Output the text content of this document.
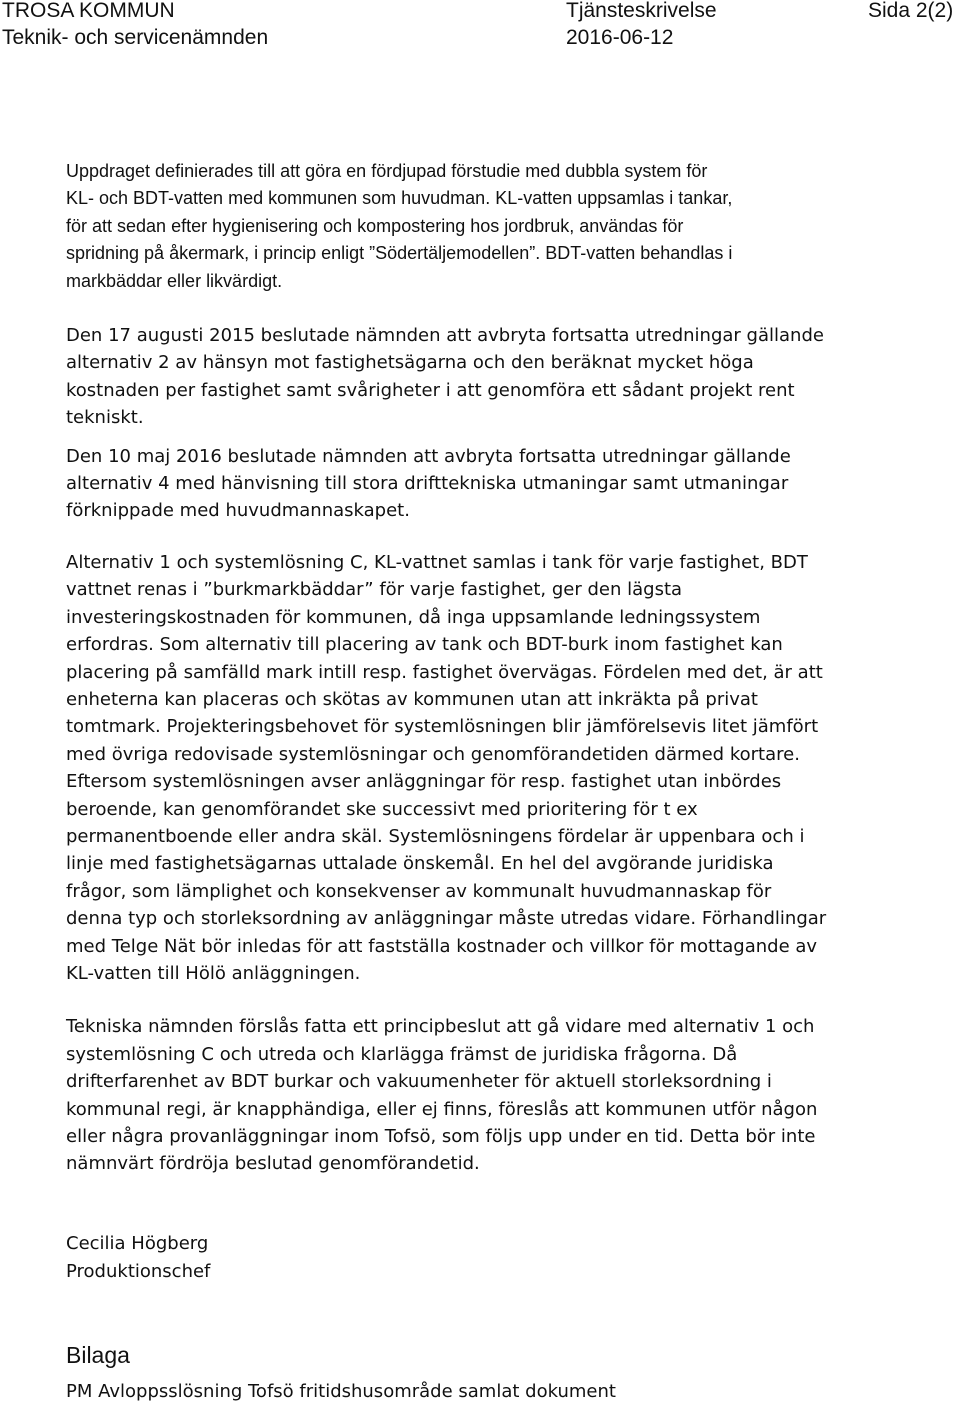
TROSA KOMMUN
Teknik- och servicenämnden
Tjänsteskrivelse
2016-06-12
Sida 2(2)

Uppdraget definierades till att göra en fördjupad förstudie med dubbla system för
KL- och BDT-vatten med kommunen som huvudman. KL-vatten uppsamlas i tankar,
för att sedan efter hygienisering och kompostering hos jordbruk, användas för
spridning på åkermark, i princip enligt ”Södertäljemodellen”. BDT-vatten behandlas i
markbäddar eller likvärdigt.

Den 17 augusti 2015 beslutade nämnden att avbryta fortsatta utredningar gällande
alternativ 2 av hänsyn mot fastighetsägarna och den beräknat mycket höga
kostnaden per fastighet samt svårigheter i att genomföra ett sådant projekt rent
tekniskt.

Den 10 maj 2016 beslutade nämnden att avbryta fortsatta utredningar gällande
alternativ 4 med hänvisning till stora drifttekniska utmaningar samt utmaningar
förknippade med huvudmannaskapet.

Alternativ 1 och systemlösning C, KL-vattnet samlas i tank för varje fastighet, BDT
vattnet renas i ”burkmarkbäddar” för varje fastighet, ger den lägsta
investeringskostnaden för kommunen, då inga uppsamlande ledningssystem
erfordras. Som alternativ till placering av tank och BDT-burk inom fastighet kan
placering på samfälld mark intill resp. fastighet övervägas. Fördelen med det, är att
enheterna kan placeras och skötas av kommunen utan att inkräkta på privat
tomtmark. Projekteringsbehovet för systemlösningen blir jämförelsevis litet jämfört
med övriga redovisade systemlösningar och genomförandetiden därmed kortare.
Eftersom systemlösningen avser anläggningar för resp. fastighet utan inbördes
beroende, kan genomförandet ske successivt med prioritering för t ex
permanentboende eller andra skäl. Systemlösningens fördelar är uppenbara och i
linje med fastighetsägarnas uttalade önskemål. En hel del avgörande juridiska
frågor, som lämplighet och konsekvenser av kommunalt huvudmannaskap för
denna typ och storleksordning av anläggningar måste utredas vidare. Förhandlingar
med Telge Nät bör inledas för att fastställa kostnader och villkor för mottagande av
KL-vatten till Hölö anläggningen.

Tekniska nämnden förslås fatta ett principbeslut att gå vidare med alternativ 1 och
systemlösning C och utreda och klarlägga främst de juridiska frågorna. Då
drifterfarenhet av BDT burkar och vakuumenheter för aktuell storleksordning i
kommunal regi, är knapphändiga, eller ej finns, föreslås att kommunen utför någon
eller några provanläggningar inom Tofsö, som följs upp under en tid. Detta bör inte
nämnvärt fördröja beslutad genomförandetid.

Cecilia Högberg
Produktionschef
Bilaga
PM Avloppsslösning Tofsö fritidshusområde samlat dokument
